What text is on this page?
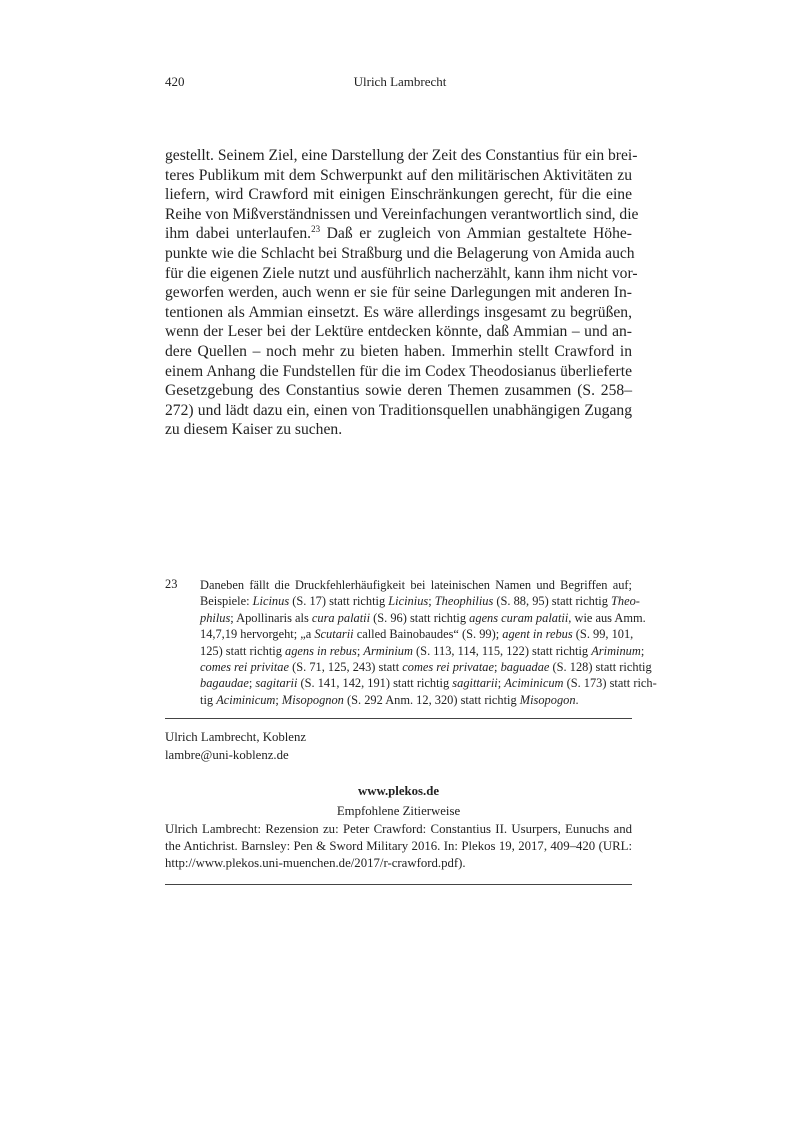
420	Ulrich Lambrecht
gestellt. Seinem Ziel, eine Darstellung der Zeit des Constantius für ein brei-
teres Publikum mit dem Schwerpunkt auf den militärischen Aktivitäten zu
liefern, wird Crawford mit einigen Einschränkungen gerecht, für die eine
Reihe von Mißverständnissen und Vereinfachungen verantwortlich sind, die
ihm dabei unterlaufen.$^{23}$ Daß er zugleich von Ammian gestaltete Höhe-
punkte wie die Schlacht bei Straßburg und die Belagerung von Amida auch
für die eigenen Ziele nutzt und ausführlich nacherzählt, kann ihm nicht vor-
geworfen werden, auch wenn er sie für seine Darlegungen mit anderen In-
tentionen als Ammian einsetzt. Es wäre allerdings insgesamt zu begrüßen,
wenn der Leser bei der Lektüre entdecken könnte, daß Ammian – und an-
dere Quellen – noch mehr zu bieten haben. Immerhin stellt Crawford in
einem Anhang die Fundstellen für die im Codex Theodosianus überlieferte
Gesetzgebung des Constantius sowie deren Themen zusammen (S. 258–
272) und lädt dazu ein, einen von Traditionsquellen unabhängigen Zugang
zu diesem Kaiser zu suchen.
23 Daneben fällt die Druckfehlerhäufigkeit bei lateinischen Namen und Begriffen auf;
Beispiele: Licinus (S. 17) statt richtig Licinius; Theophilius (S. 88, 95) statt richtig Theo-
philus; Apollinaris als cura palatii (S. 96) statt richtig agens curam palatii, wie aus Amm.
14,7,19 hervorgeht; „a Scutarii called Bainobaudes“ (S. 99); agent in rebus (S. 99, 101,
125) statt richtig agens in rebus; Arminium (S. 113, 114, 115, 122) statt richtig Ariminum;
comes rei privitae (S. 71, 125, 243) statt comes rei privatae; baguadae (S. 128) statt richtig
bagaudae; sagitarii (S. 141, 142, 191) statt richtig sagittarii; Aciminicum (S. 173) statt rich-
tig Aciminicum; Misopognon (S. 292 Anm. 12, 320) statt richtig Misopogon.
Ulrich Lambrecht, Koblenz
lambre@uni-koblenz.de
www.plekos.de
Empfohlene Zitierweise
Ulrich Lambrecht: Rezension zu: Peter Crawford: Constantius II. Usurpers, Eunuchs and
the Antichrist. Barnsley: Pen & Sword Military 2016. In: Plekos 19, 2017, 409–420 (URL:
http://www.plekos.uni-muenchen.de/2017/r-crawford.pdf).
